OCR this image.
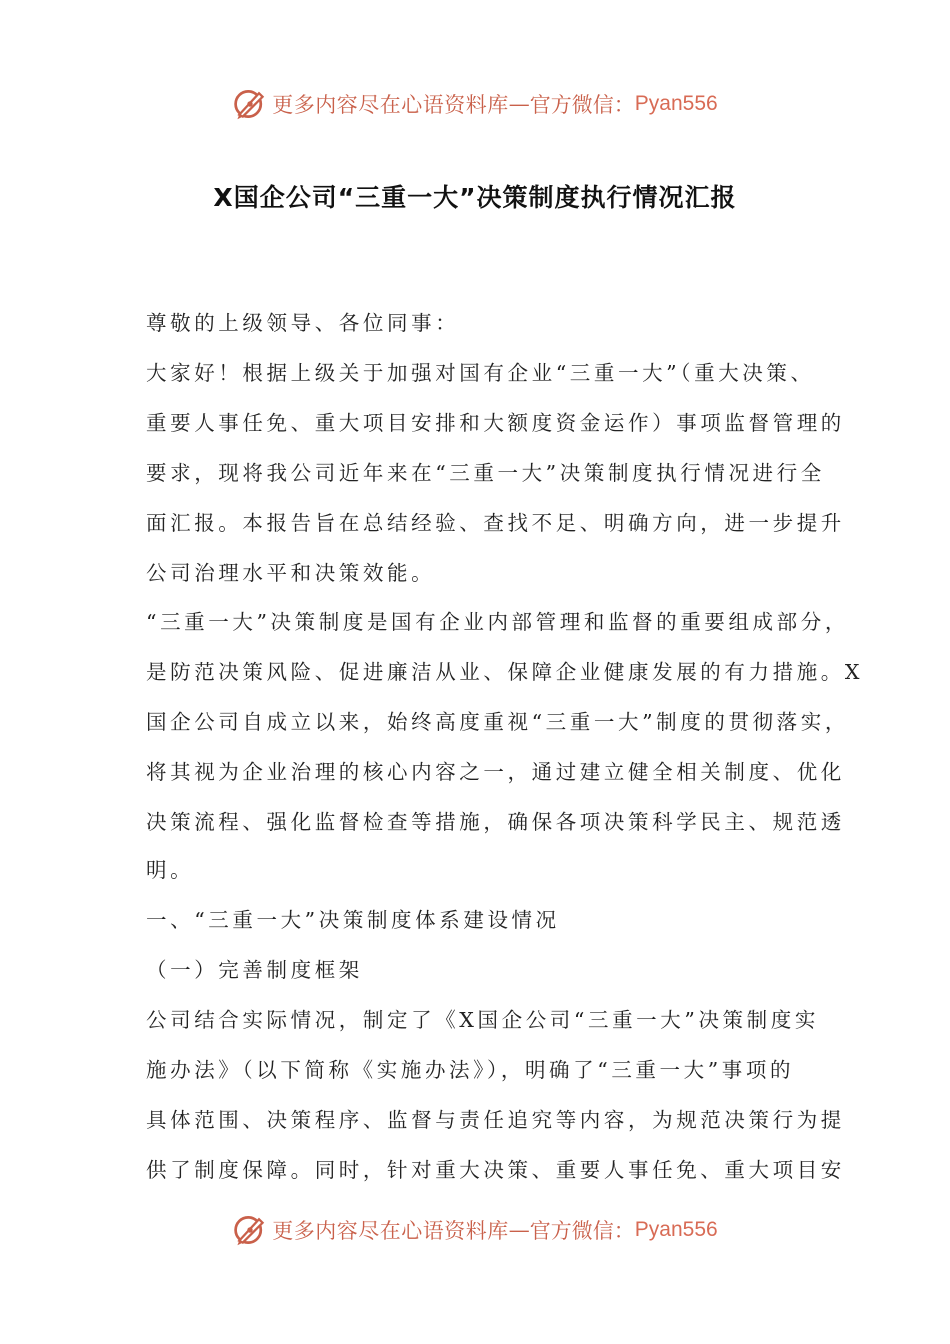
更多内容尽在心语资料库 — 官方微信： Pyan556
X国企公司“三重一大”决策制度执行情况汇报
尊敬的上级领导、各位同事：
大家好！根据上级关于加强对国有企业“三重一大”（重大决策、
重要人事任免、重大项目安排和大额度资金运作）事项监督管理的
要求，现将我公司近年来在“三重一大”决策制度执行情况进行全
面汇报。本报告旨在总结经验、查找不足、明确方向，进一步提升
公司治理水平和决策效能。
“三重一大”决策制度是国有企业内部管理和监督的重要组成部分，
是防范决策风险、促进廉洁从业、保障企业健康发展的有力措施。X
国企公司自成立以来，始终高度重视“三重一大”制度的贯彻落实，
将其视为企业治理的核心内容之一，通过建立健全相关制度、优化
决策流程、强化监督检查等措施，确保各项决策科学民主、规范透
明。
一、“三重一大”决策制度体系建设情况
（一）完善制度框架
公司结合实际情况，制定了《X国企公司“三重一大”决策制度实
施办法》（以下简称《实施办法》），明确了“三重一大”事项的
具体范围、决策程序、监督与责任追究等内容，为规范决策行为提
供了制度保障。同时，针对重大决策、重要人事任免、重大项目安
更多内容尽在心语资料库 — 官方微信： Pyan556
